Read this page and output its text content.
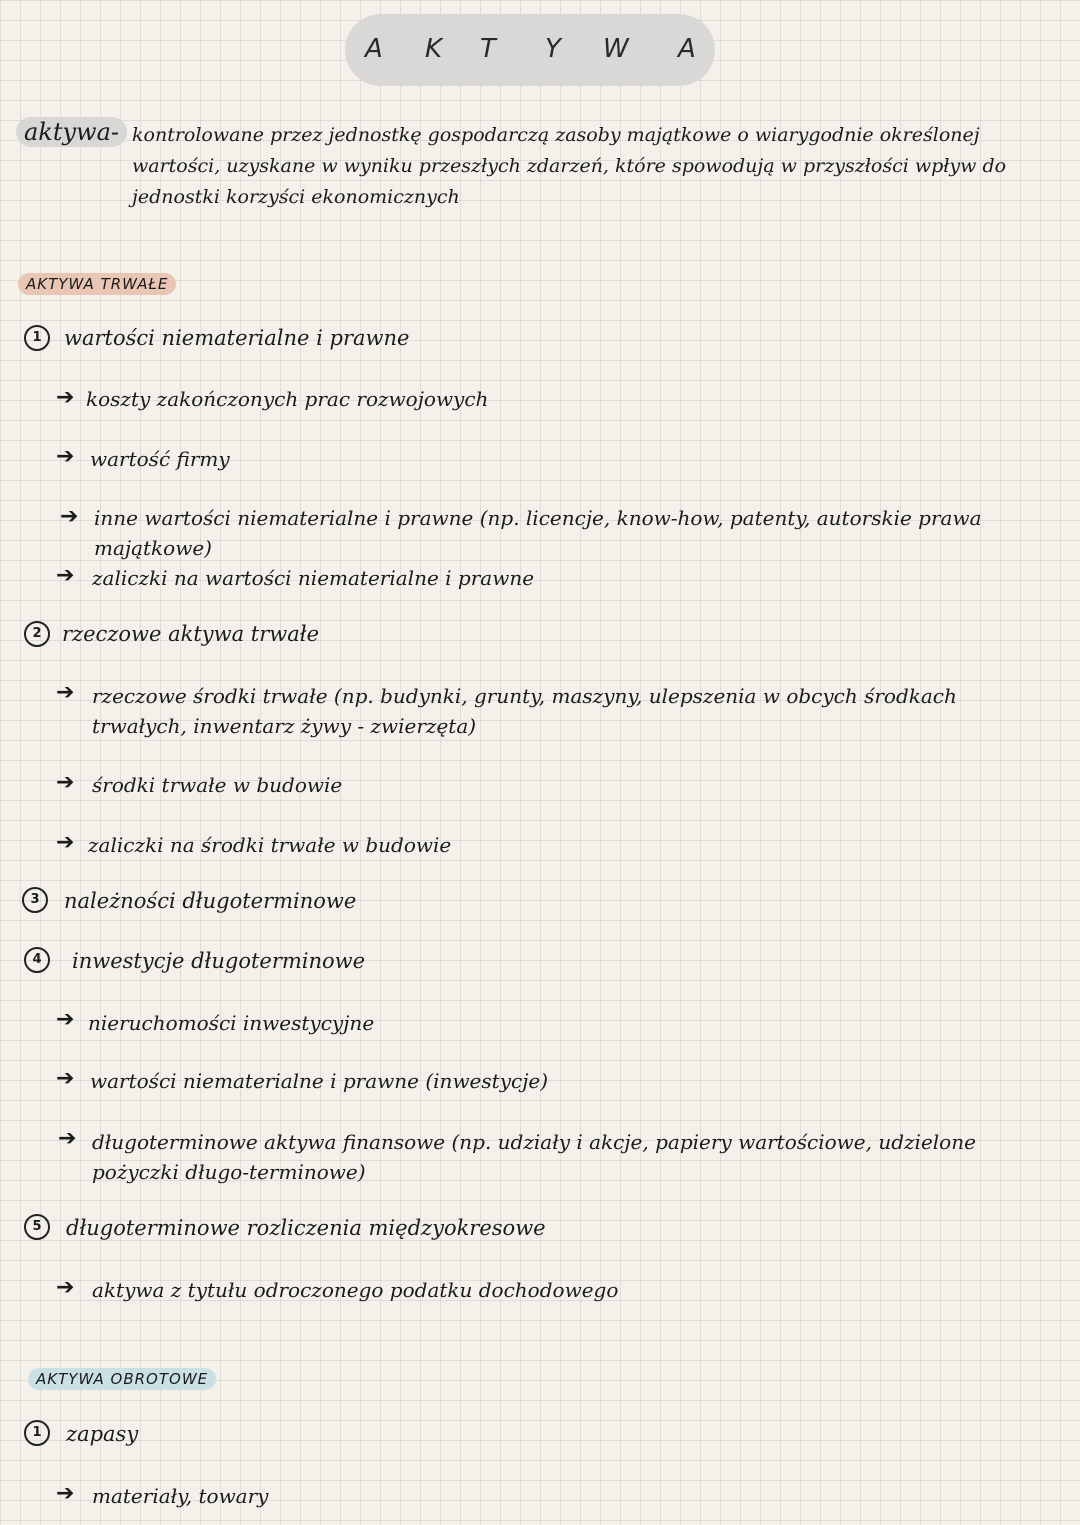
A K T Y W A
aktywa- kontrolowane przez jednostkę gospodarczą zasoby majątkowe o wiarygodnie określonej wartości, uzyskane w wyniku przeszłych zdarzeń, które spowodują w przyszłości wpływ do jednostki korzyści ekonomicznych
AKTYWA TRWAŁE
1	wartości niematerialne i prawne
➔ koszty zakończonych prac rozwojowych
➔ wartość firmy
➔ inne wartości niematerialne i prawne (np. licencje, know-how, patenty, autorskie prawa majątkowe)
➔ zaliczki na wartości niematerialne i prawne
2 rzeczowe aktywa trwałe
➔ rzeczowe środki trwałe (np. budynki, grunty, maszyny, ulepszenia w obcych środkach trwałych, inwentarz żywy - zwierzęta)
➔ środki trwałe w budowie
➔ zaliczki na środki trwałe w budowie
3	należności długoterminowe
4	inwestycje długoterminowe
➔ nieruchomości inwestycyjne
➔ wartości niematerialne i prawne (inwestycje)
➔ długoterminowe aktywa finansowe (np. udziały i akcje, papiery wartościowe, udzielone pożyczki długo-terminowe)
5	długoterminowe rozliczenia międzyokresowe
➔ aktywa z tytułu odroczonego podatku dochodowego
AKTYWA OBROTOWE
1	zapasy
➔ materiały, towary
